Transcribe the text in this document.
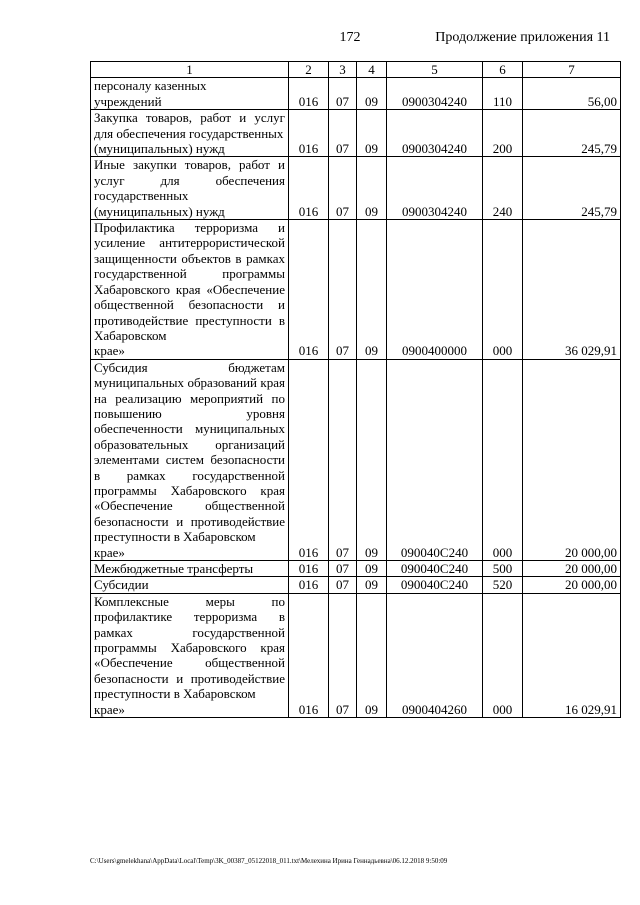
172	Продолжение приложения 11
1	2	3	4	5	6	7
персоналу казенных
учреждений	016	07	09	0900304240	110	56,00
Закупка товаров, работ и услуг для обеспечения государственных
(муниципальных) нужд	016	07	09	0900304240	200	245,79
Иные закупки товаров, работ и услуг для обеспечения государственных
(муниципальных) нужд	016	07	09	0900304240	240	245,79
Профилактика терроризма и усиление антитеррористической защищенности объектов в рамках государственной программы Хабаровского края «Обеспечение общественной безопасности и противодействие преступности в Хабаровском
крае»	016	07	09	0900400000	000	36 029,91
Субсидия бюджетам муниципальных образований края на реализацию мероприятий по повышению уровня обеспеченности муниципальных образовательных организаций элементами систем безопасности в рамках государственной программы Хабаровского края «Обеспечение общественной безопасности и противодействие преступности в Хабаровском
крае»	016	07	09	090040С240	000	20 000,00

Межбюджетные трансферты	016	07	09	090040С240	500	20 000,00

Субсидии	016	07	09	090040С240	520	20 000,00
Комплексные меры по профилактике терроризма в рамках государственной программы Хабаровского края «Обеспечение общественной безопасности и противодействие преступности в Хабаровском
крае»	016	07	09	0900404260	000	16 029,91
C:\Users\gmelekhana\AppData\Local\Temp\3K_00387_05122018_011.txt\Мелехина Ирина Геннадьевна\06.12.2018 9:50:09
